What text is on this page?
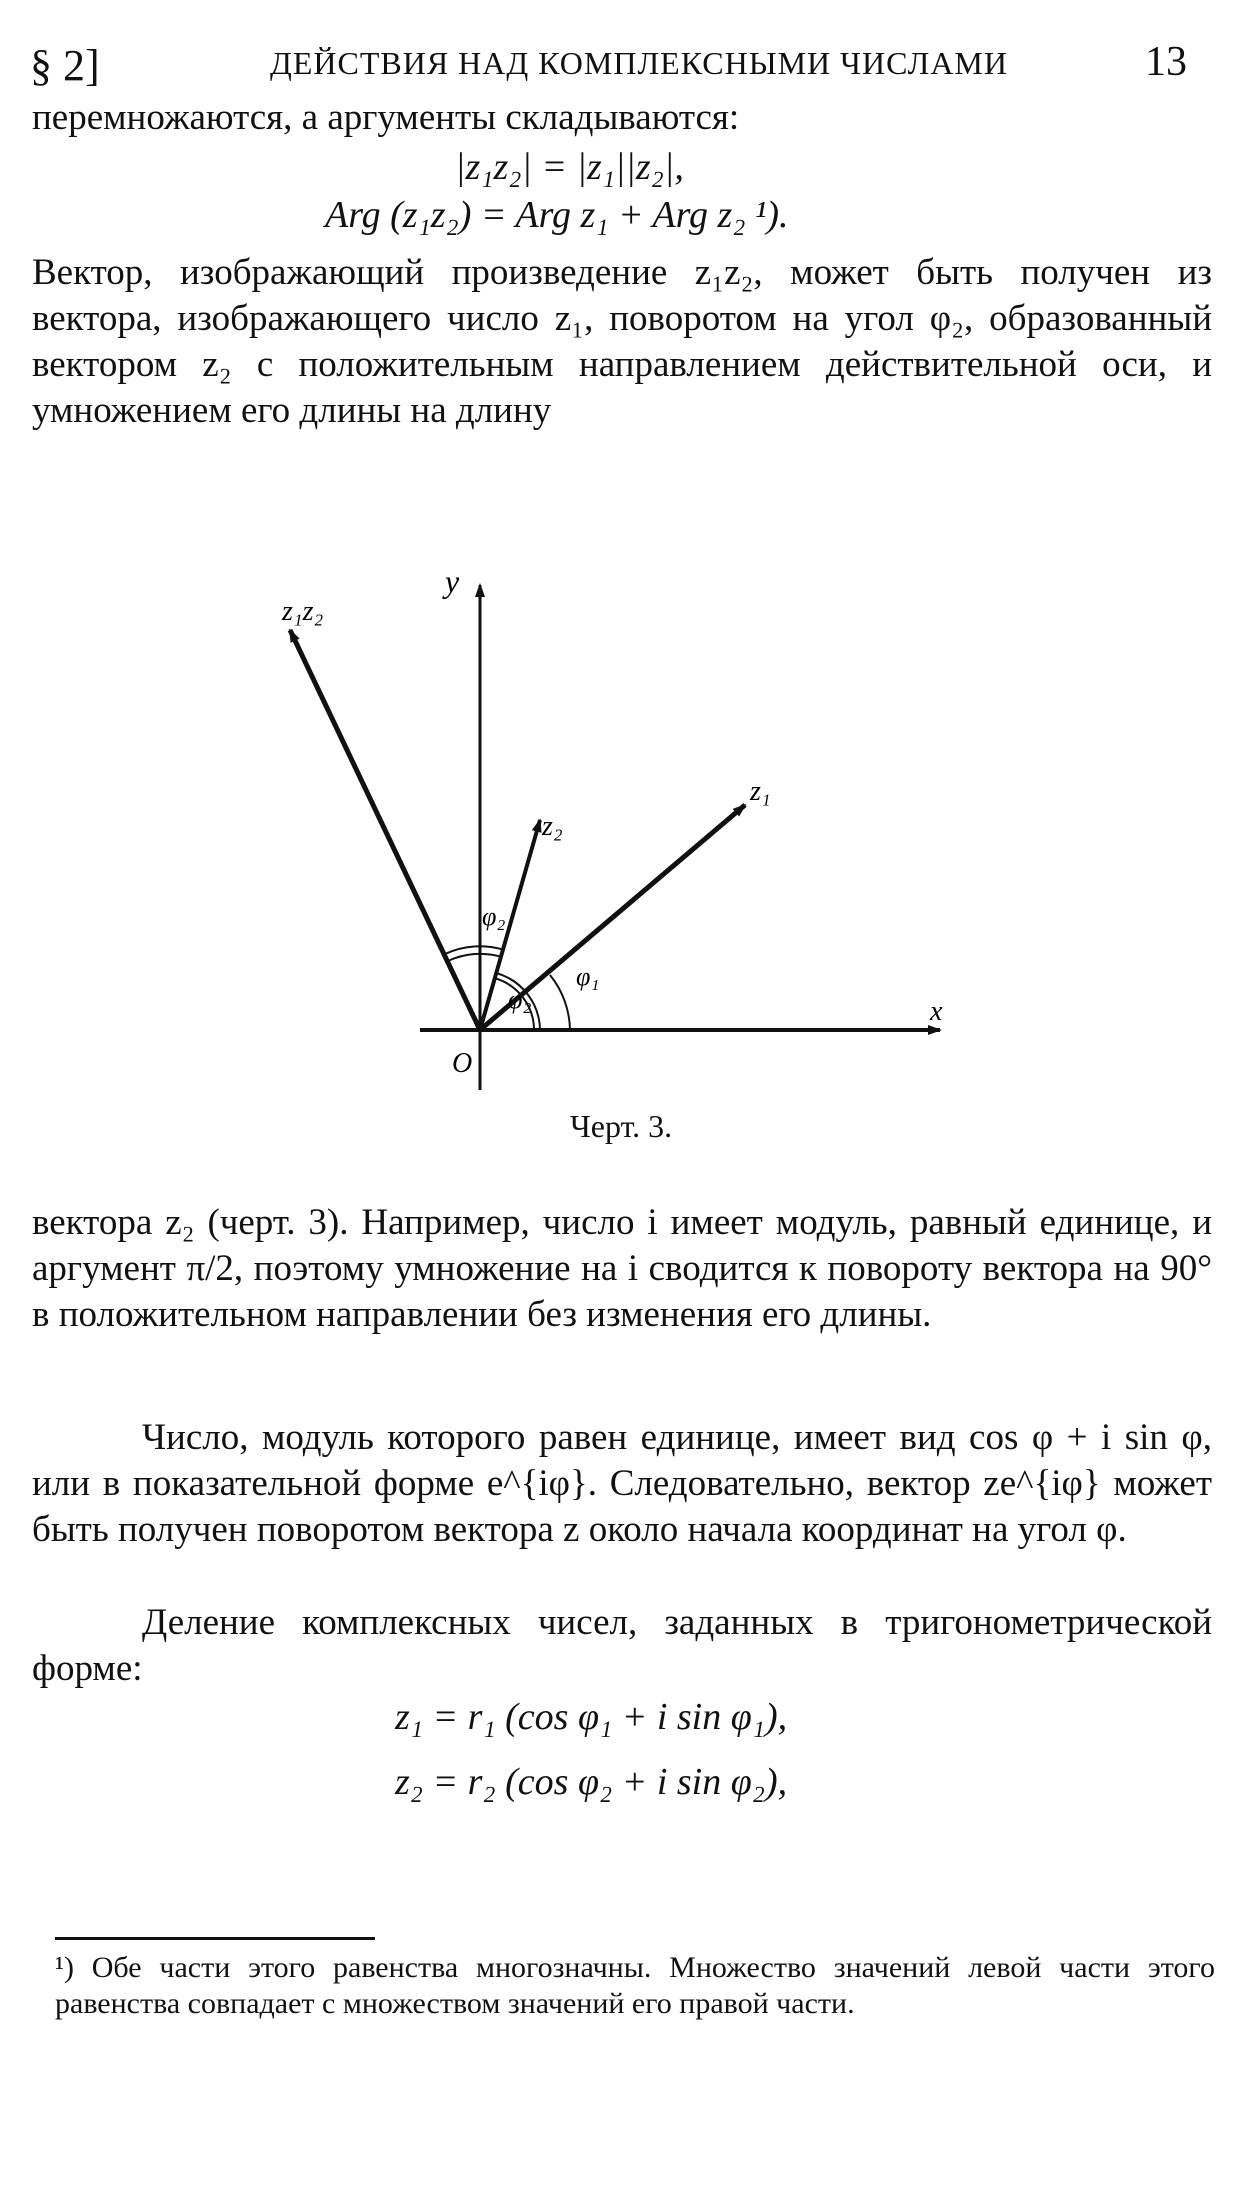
§ 2]	ДЕЙСТВИЯ НАД КОМПЛЕКСНЫМИ ЧИСЛАМИ	13

перемножаются, а аргументы складываются:

|z₁z₂| = |z₁||z₂|,
Arg (z₁z₂) = Arg z₁ + Arg z₂ ¹).

Вектор, изображающий произведение z₁z₂, может быть получен из вектора, изображающего число z₁, поворотом на угол φ₂, образованный вектором z₂ с положительным направлением действительной оси, и умножением его длины на длину

y
x
O
z₁z₂
z₁
z₂
φ₂
φ₂
φ₁
Черт. 3.

вектора z₂ (черт. 3). Например, число i имеет модуль, равный единице, и аргумент π/2, поэтому умножение на i сводится к повороту вектора на 90° в положительном направлении без изменения его длины.

Число, модуль которого равен единице, имеет вид cos φ + i sin φ, или в показательной форме e^{iφ}. Следовательно, вектор ze^{iφ} может быть получен поворотом вектора z около начала координат на угол φ.

Деление комплексных чисел, заданных в тригонометрической форме:

z₁ = r₁ (cos φ₁ + i sin φ₁),
z₂ = r₂ (cos φ₂ + i sin φ₂),
¹) Обе части этого равенства многозначны. Множество значений левой части этого равенства совпадает с множеством значений его правой части.
